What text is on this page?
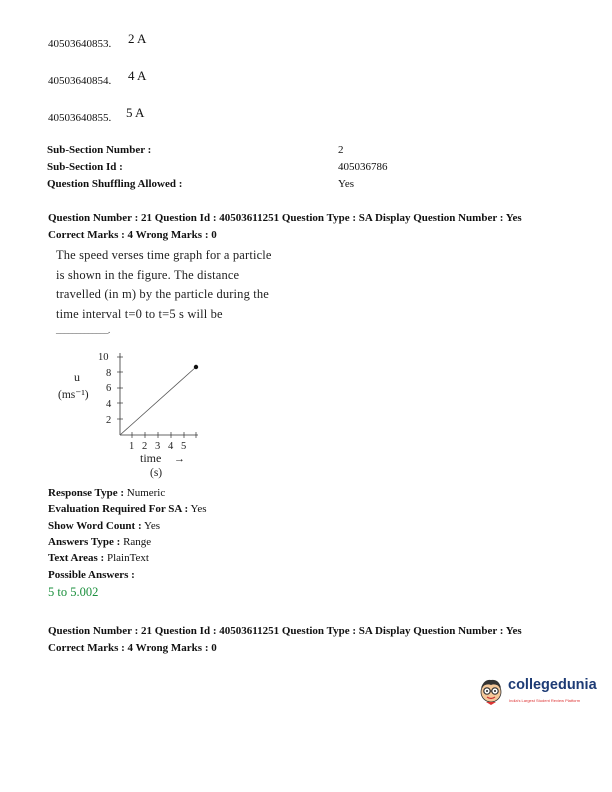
40503640853. 2 A
40503640854. 4 A
40503640855. 5 A
Sub-Section Number :	2
Sub-Section Id :	405036786
Question Shuffling Allowed :	Yes
Question Number : 21 Question Id : 40503611251 Question Type : SA Display Question Number : Yes
Correct Marks : 4 Wrong Marks : 0
The speed verses time graph for a particle
is shown in the figure. The distance
travelled (in m) by the particle during the
time interval t=0 to t=5 s will be
_____________.
u
(ms⁻¹)
10
8
6
4
2
1 2 3 4 5
time →
(s)
Response Type : Numeric
Evaluation Required For SA : Yes
Show Word Count : Yes
Answers Type : Range
Text Areas : PlainText
Possible Answers :
5 to 5.002
Question Number : 21 Question Id : 40503611251 Question Type : SA Display Question Number : Yes
Correct Marks : 4 Wrong Marks : 0
collegedunia
India's Largest Student Review Platform
